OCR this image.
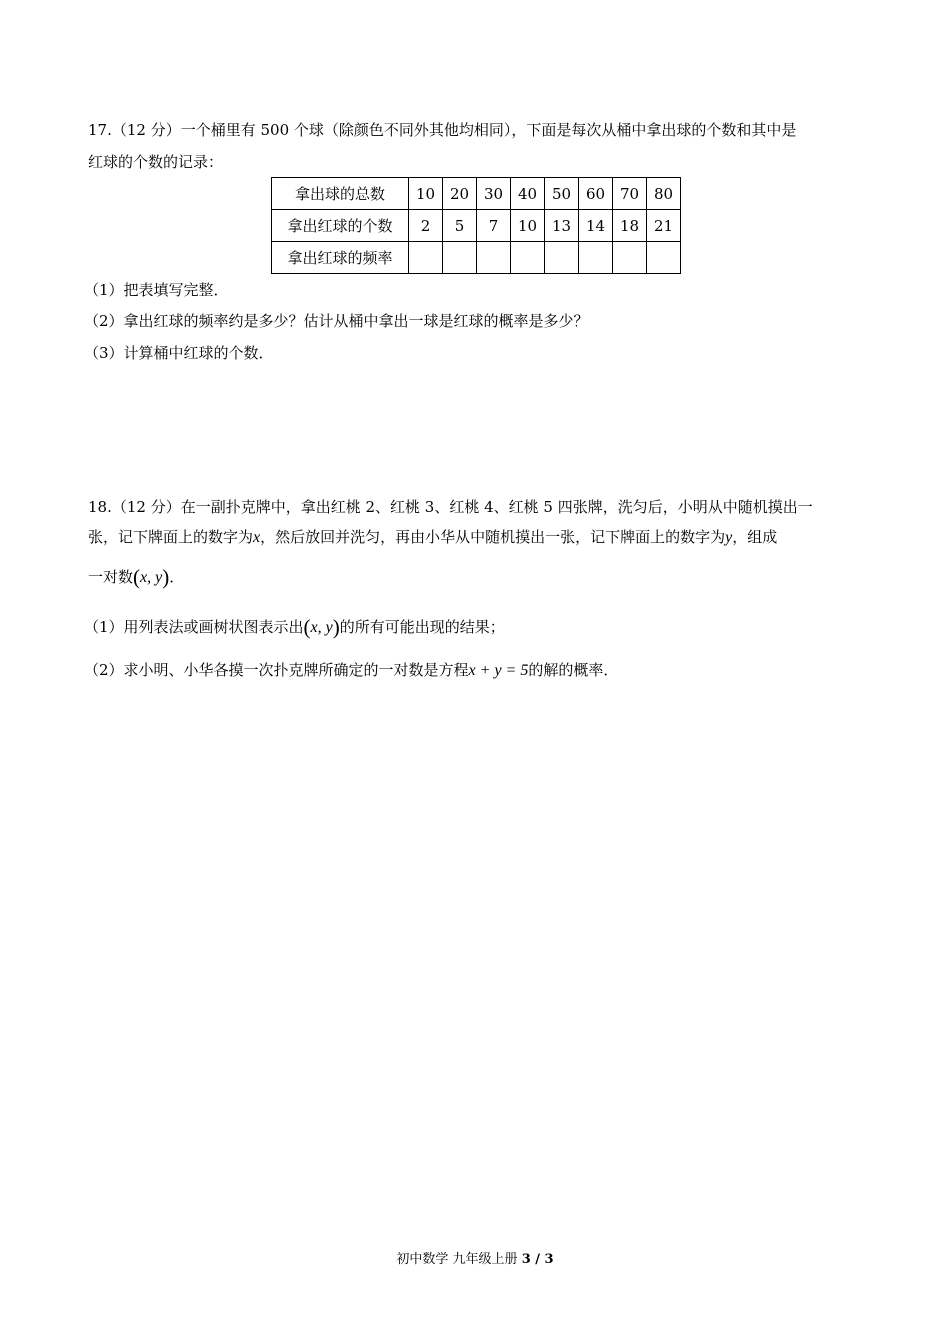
17.（12 分）一个桶里有 500 个球（除颜色不同外其他均相同），下面是每次从桶中拿出球的个数和其中是
红球的个数的记录：
拿出球的总数	10	20	30	40	50	60	70	80
拿出红球的个数	2	5	7	10	13	14	18	21
拿出红球的频率								
（1）把表填写完整．
（2）拿出红球的频率约是多少？估计从桶中拿出一球是红球的概率是多少？
（3）计算桶中红球的个数．
18.（12 分）在一副扑克牌中，拿出红桃 2、红桃 3、红桃 4、红桃 5 四张牌，洗匀后，小明从中随机摸出一
张，记下牌面上的数字为x，然后放回并洗匀，再由小华从中随机摸出一张，记下牌面上的数字为y，组成
一对数(x, y)．
（1）用列表法或画树状图表示出(x, y)的所有可能出现的结果；
（2）求小明、小华各摸一次扑克牌所确定的一对数是方程x + y = 5的解的概率．
初中数学 九年级上册 3 / 3
